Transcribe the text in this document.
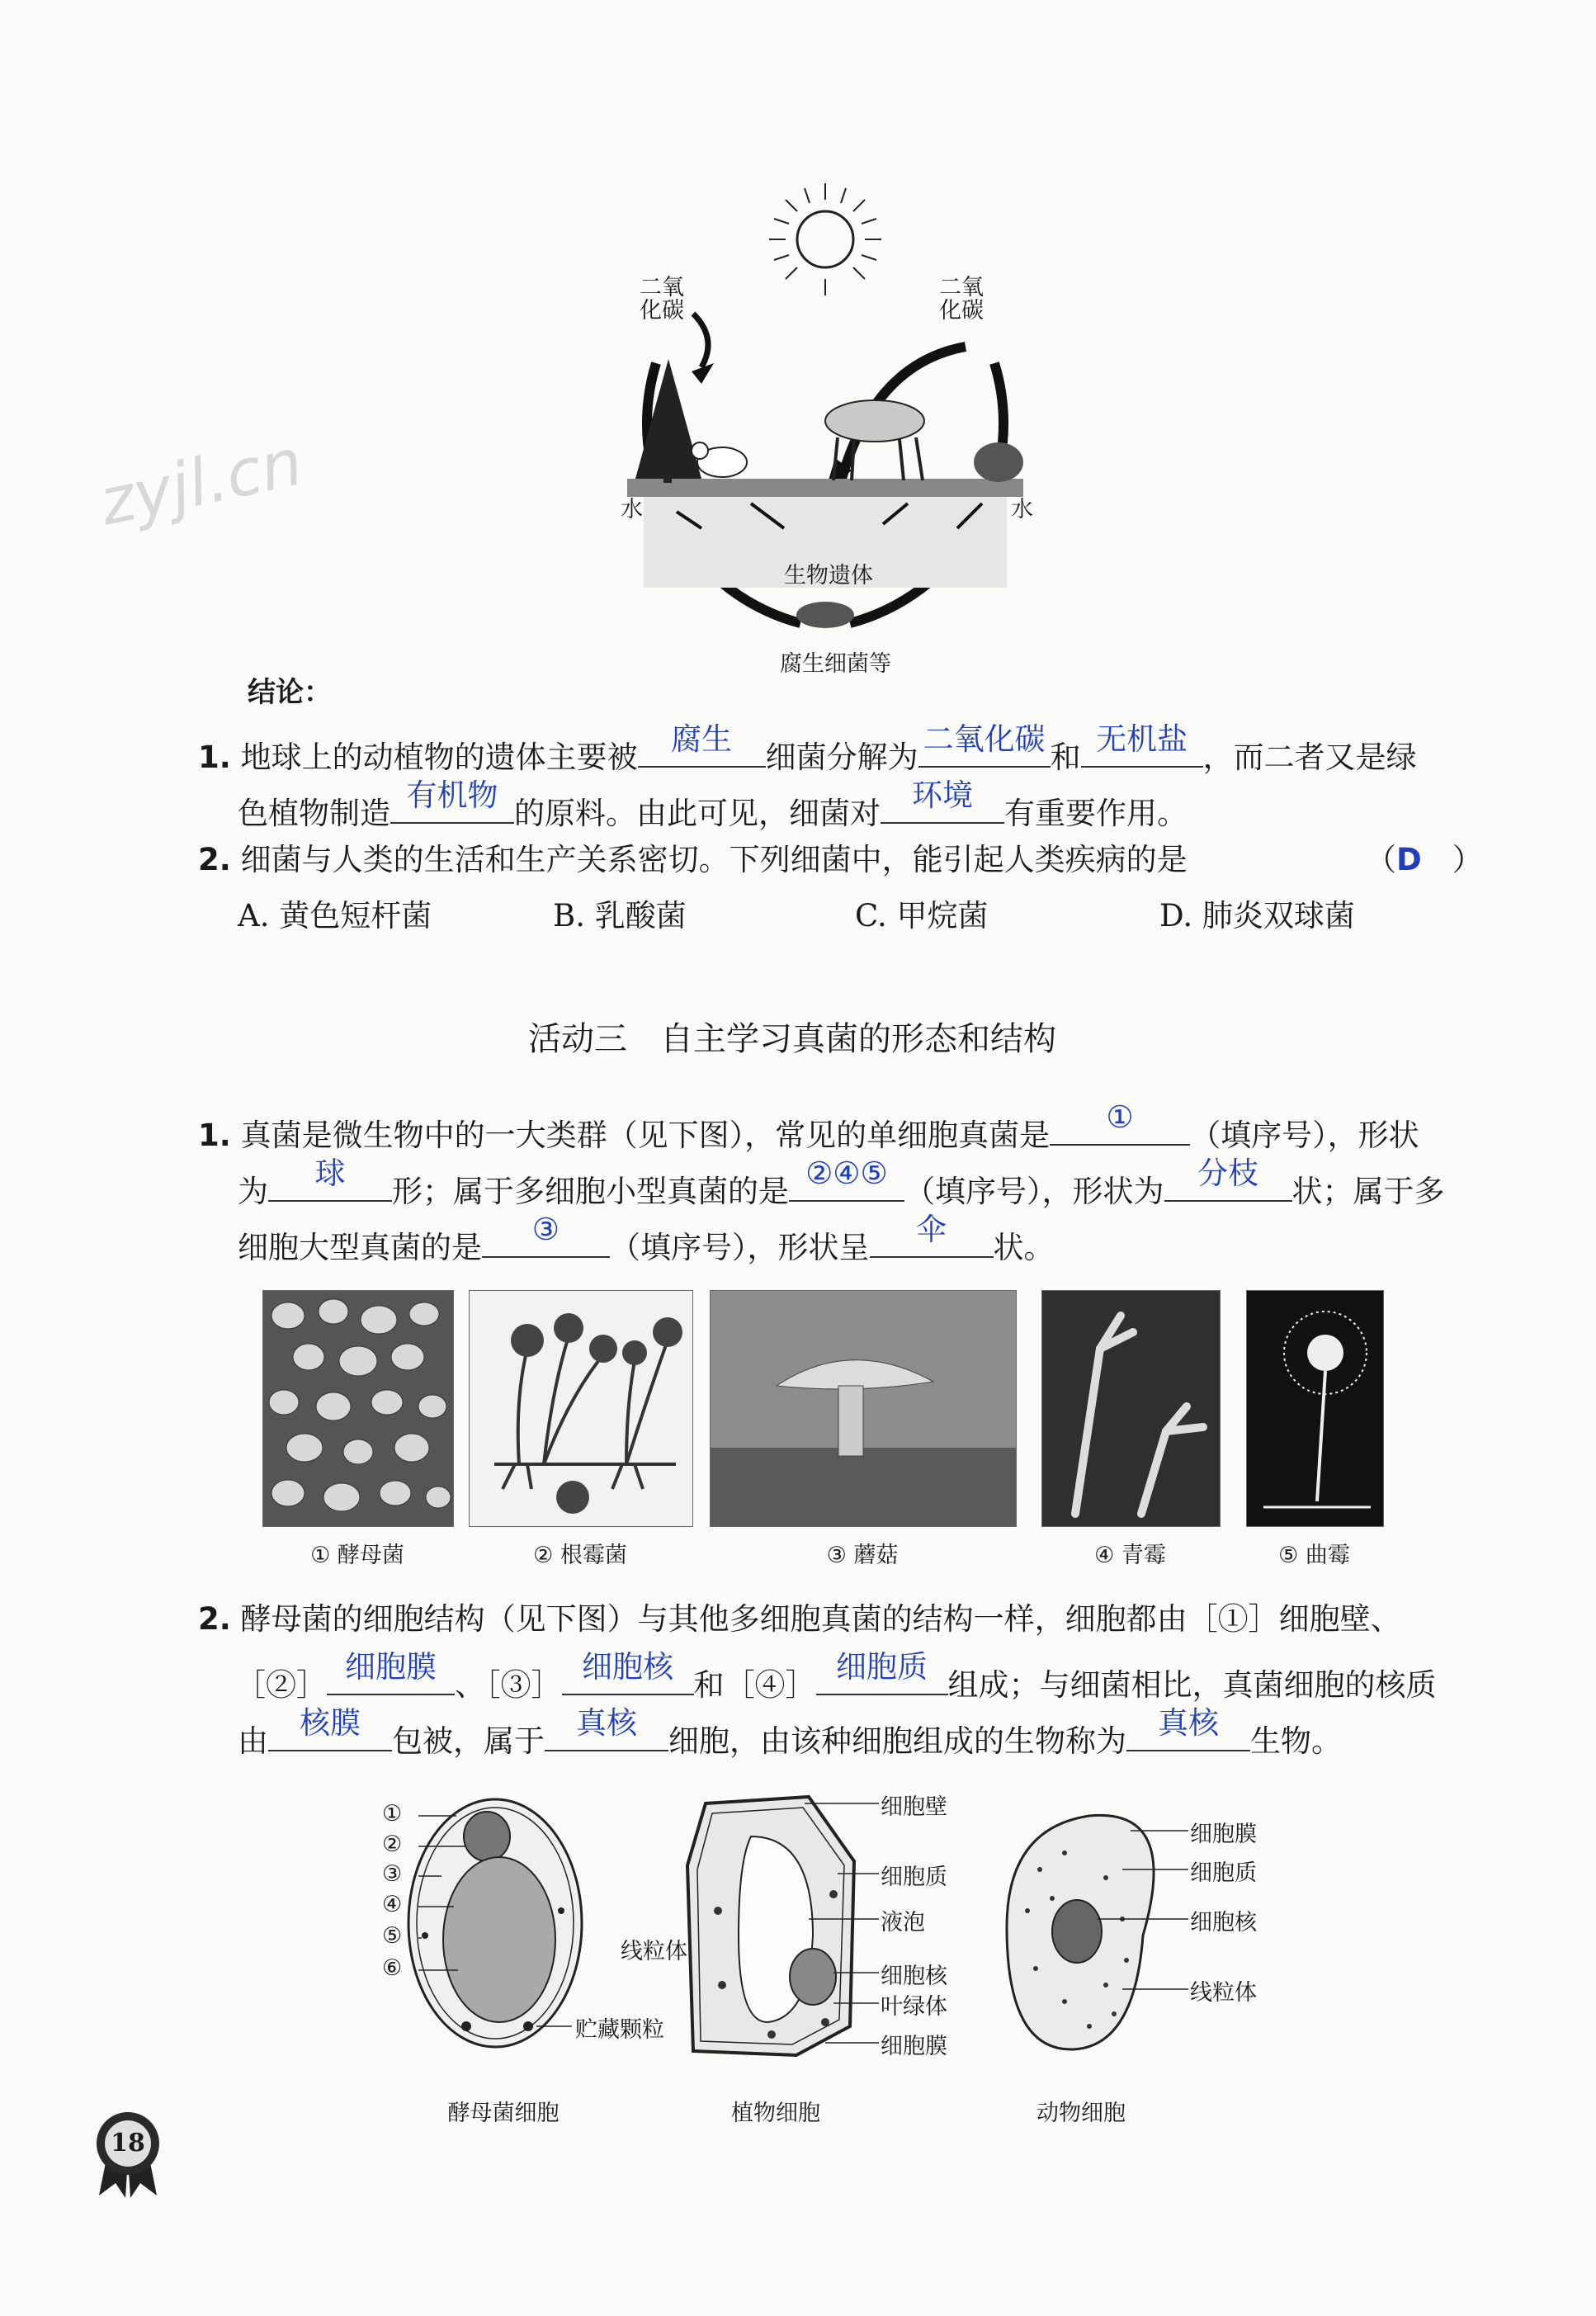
zyjl.cn
二氧
化碳
二氧
化碳
水	水
生物遗体
腐生细菌等
结论：
1. 地球上的动植物的遗体主要被
腐生
细菌分解为
二氧化碳
和
无机盐
，而二者又是绿
色植物制造
有机物
的原料。由此可见，细菌对
环境
有重要作用。
2. 细菌与人类的生活和生产关系密切。下列细菌中，能引起人类疾病的是	（D　 ）
A. 黄色短杆菌	B. 乳酸菌	C. 甲烷菌	D. 肺炎双球菌
活动三　自主学习真菌的形态和结构
1. 真菌是微生物中的一大类群（见下图），常见的单细胞真菌是
①
（填序号），形状
为
球
形；属于多细胞小型真菌的是
②④⑤
（填序号），形状为
分枝
状；属于多
细胞大型真菌的是
③
（填序号），形状呈
伞
状。
① 酵母菌	② 根霉菌	③ 蘑菇	④ 青霉	⑤ 曲霉
2. 酵母菌的细胞结构（见下图）与其他多细胞真菌的结构一样，细胞都由［①］细胞壁、
［②］
细胞膜
、［③］
细胞核
和［④］
细胞质
组成；与细菌相比，真菌细胞的核质
由
核膜
包被，属于
真核
细胞，由该种细胞组成的生物称为
真核
生物。
①
②
③
④
⑤
⑥
贮藏颗粒
酵母菌细胞
细胞壁
细胞质
液泡
细胞核
叶绿体
细胞膜
线粒体
植物细胞
细胞膜
细胞质
细胞核
线粒体
动物细胞
18
